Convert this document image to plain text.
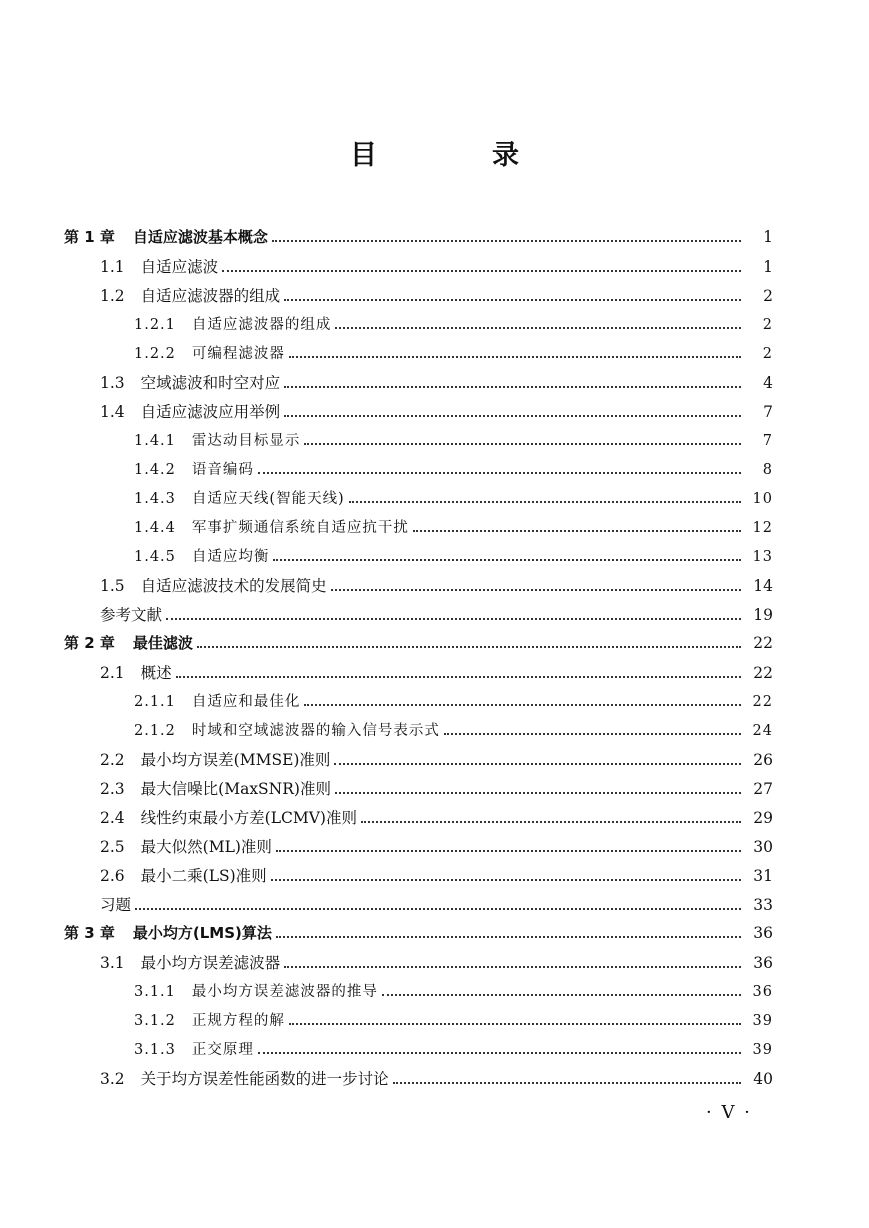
目　录
第 1 章	自适应滤波基本概念	1
1.1	自适应滤波	1
1.2	自适应滤波器的组成	2
1.2.1	自适应滤波器的组成	2
1.2.2	可编程滤波器	2
1.3	空域滤波和时空对应	4
1.4	自适应滤波应用举例	7
1.4.1	雷达动目标显示	7
1.4.2	语音编码	8
1.4.3	自适应天线(智能天线)	10
1.4.4	军事扩频通信系统自适应抗干扰	12
1.4.5	自适应均衡	13
1.5	自适应滤波技术的发展简史	14
参考文献	19
第 2 章	最佳滤波	22
2.1	概述	22
2.1.1	自适应和最佳化	22
2.1.2	时域和空域滤波器的输入信号表示式	24
2.2	最小均方误差(MMSE)准则	26
2.3	最大信噪比(MaxSNR)准则	27
2.4	线性约束最小方差(LCMV)准则	29
2.5	最大似然(ML)准则	30
2.6	最小二乘(LS)准则	31
习题	33
第 3 章	最小均方(LMS)算法	36
3.1	最小均方误差滤波器	36
3.1.1	最小均方误差滤波器的推导	36
3.1.2	正规方程的解	39
3.1.3	正交原理	39
3.2	关于均方误差性能函数的进一步讨论	40
· V ·
